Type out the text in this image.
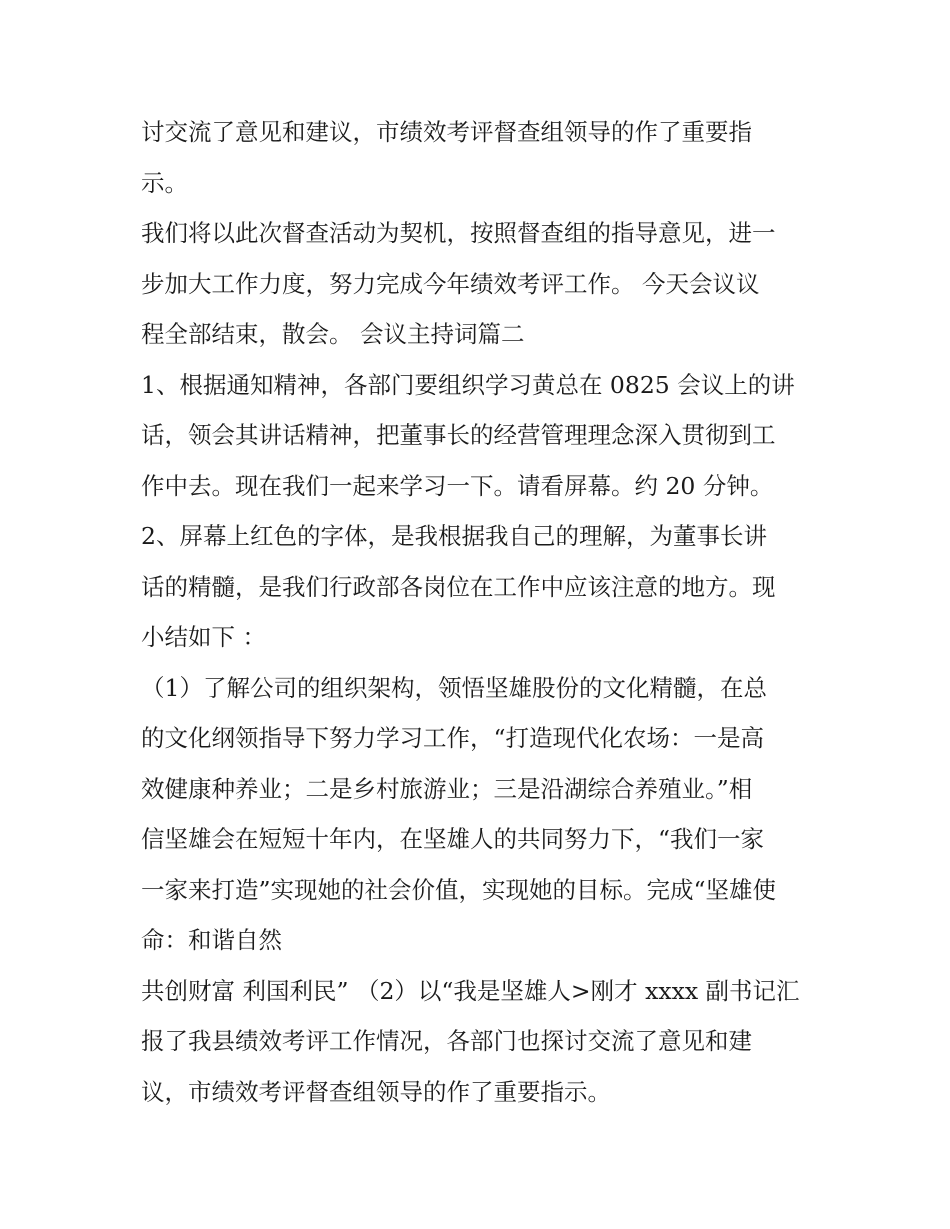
讨交流了意见和建议，市绩效考评督查组领导的作了重要指
示。
我们将以此次督查活动为契机，按照督查组的指导意见，进一
步加大工作力度，努力完成今年绩效考评工作。 今天会议议
程全部结束，散会。 会议主持词篇二
1、根据通知精神，各部门要组织学习黄总在 0825 会议上的讲
话，领会其讲话精神，把董事长的经营管理理念深入贯彻到工
作中去。现在我们一起来学习一下。请看屏幕。约 20 分钟。
2、屏幕上红色的字体，是我根据我自己的理解，为董事长讲
话的精髓，是我们行政部各岗位在工作中应该注意的地方。现
小结如下 ：
（1）了解公司的组织架构，领悟坚雄股份的文化精髓，在总
的文化纲领指导下努力学习工作，“打造现代化农场：一是高
效健康种养业；二是乡村旅游业；三是沿湖综合养殖业。”相
信坚雄会在短短十年内，在坚雄人的共同努力下，“我们一家
一家来打造”实现她的社会价值，实现她的目标。完成“坚雄使
命：和谐自然
共创财富 利国利民” （2）以“我是坚雄人>刚才 xxxx 副书记汇
报了我县绩效考评工作情况，各部门也探讨交流了意见和建
议，市绩效考评督查组领导的作了重要指示。
